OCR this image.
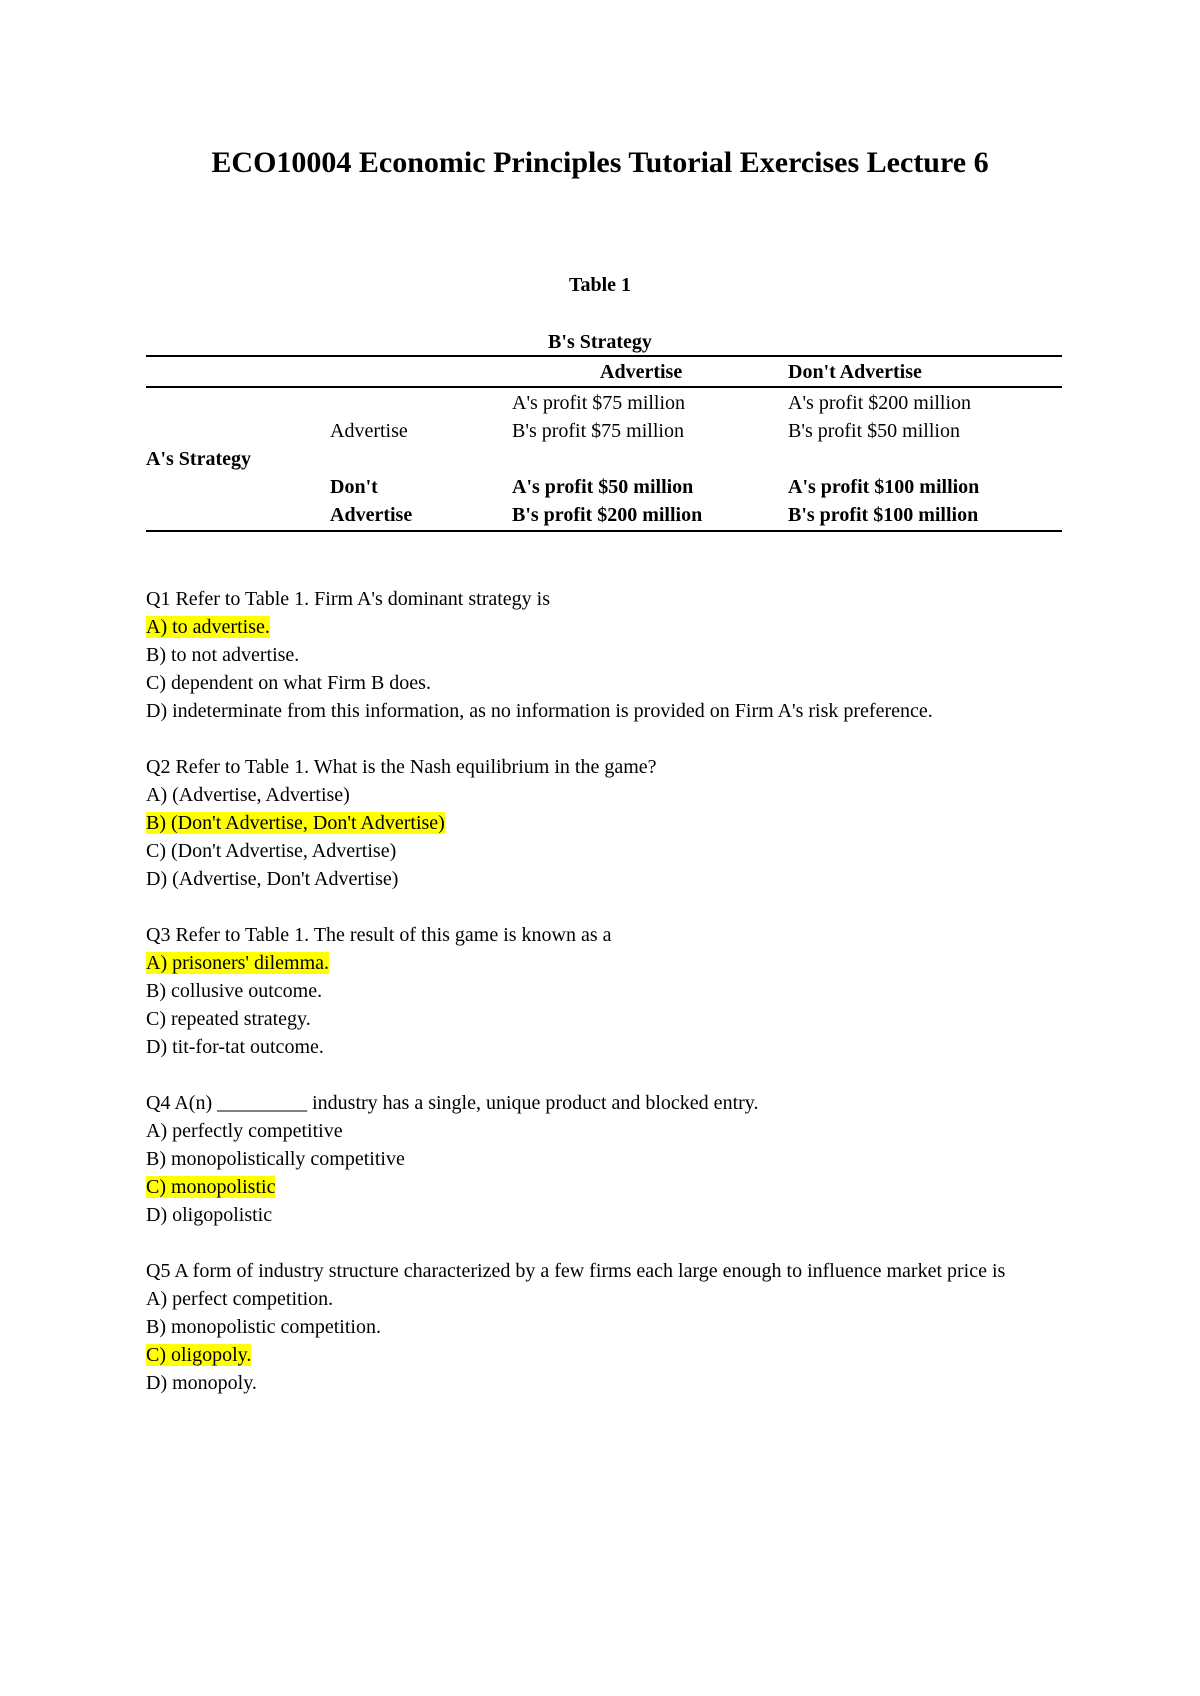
ECO10004 Economic Principles Tutorial Exercises Lecture 6
Table 1
B's Strategy
Advertise	Don't Advertise
A's profit $75 million
B's profit $75 million
A's profit $200 million
B's profit $50 million
Advertise
A's Strategy
Don't
Advertise
A's profit $50 million
B's profit $200 million
A's profit $100 million
B's profit $100 million
Q1 Refer to Table 1. Firm A's dominant strategy is
A) to advertise.
B) to not advertise.
C) dependent on what Firm B does.
D) indeterminate from this information, as no information is provided on Firm A's risk preference.
Q2 Refer to Table 1. What is the Nash equilibrium in the game?
A) (Advertise, Advertise)
B) (Don't Advertise, Don't Advertise)
C) (Don't Advertise, Advertise)
D) (Advertise, Don't Advertise)
Q3 Refer to Table 1. The result of this game is known as a
A) prisoners' dilemma.
B) collusive outcome.
C) repeated strategy.
D) tit-for-tat outcome.
Q4 A(n) _________ industry has a single, unique product and blocked entry.
A) perfectly competitive
B) monopolistically competitive
C) monopolistic
D) oligopolistic
Q5 A form of industry structure characterized by a few firms each large enough to influence market price is
A) perfect competition.
B) monopolistic competition.
C) oligopoly.
D) monopoly.
